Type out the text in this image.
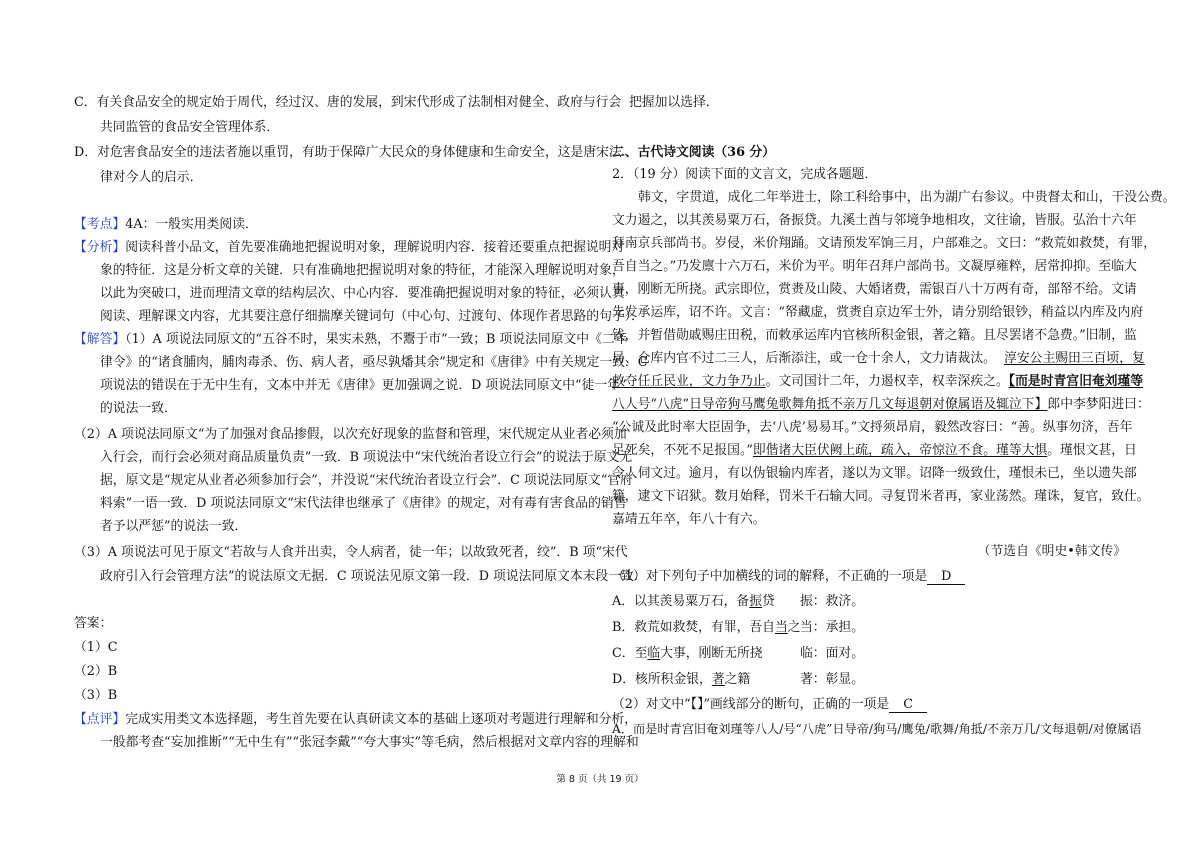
C．有关食品安全的规定始于周代，经过汉、唐的发展，到宋代形成了法制相对健全、政府与行会
共同监管的食品安全管理体系．
D．对危害食品安全的违法者施以重罚，有助于保障广大民众的身体健康和生命安全，这是唐宋法
律对今人的启示．
【考点】4A：一般实用类阅读．
【分析】阅读科普小品文，首先要准确地把握说明对象，理解说明内容．接着还要重点把握说明对
象的特征．这是分析文章的关键．只有准确地把握说明对象的特征，才能深入理解说明对象，
以此为突破口，进而理清文章的结构层次、中心内容．要准确把握说明对象的特征，必须认真
阅读、理解课文内容，尤其要注意仔细揣摩关键词句（中心句、过渡句、体现作者思路的句子）．
【解答】（1）A 项说法同原文的“五谷不时，果实未熟，不鬻于市”一致；B 项说法同原文中《二年
律令》的“诸食脯肉，脯肉毒杀、伤、病人者，亟尽孰燔其余”规定和《唐律》中有关规定一致．C
项说法的错误在于无中生有，文本中并无《唐律》更加强调之说．D 项说法同原文中“徒一年”
的说法一致．
（2）A 项说法同原文“为了加强对食品掺假，以次充好现象的监督和管理，宋代规定从业者必须加
入行会，而行会必须对商品质量负责”一致．B 项说法中“宋代统治者设立行会”的说法于原文无
据，原文是“规定从业者必须参加行会”，并没说“宋代统治者设立行会”．C 项说法同原文“官府
料索”一语一致．D 项说法同原文“宋代法律也继承了《唐律》的规定，对有毒有害食品的销售
者予以严惩”的说法一致．
（3）A 项说法可见于原文“若故与人食并出卖，令人病者，徒一年；以故致死者，绞”．B 项“宋代
政府引入行会管理方法”的说法原文无据．C 项说法见原文第一段．D 项说法同原文本末段一致．
答案：
（1）C
（2）B
（3）B
【点评】完成实用类文本选择题，考生首先要在认真研读文本的基础上逐项对考题进行理解和分析，
一般都考查“妄加推断”“无中生有”“张冠李戴”“夸大事实”等毛病，然后根据对文章内容的理解和
把握加以选择．
二、古代诗文阅读（36 分）
2．（19 分）阅读下面的文言文，完成各题题．
韩文，字贯道，成化二年举进士，除工科给事中，出为湖广右参议。中贵督太和山，干没公费。
文力遏之，以其羡易粟万石，备振贷。九溪土酋与邻境争地相攻，文往谕，皆服。弘治十六年
拜南京兵部尚书。岁侵，米价翔踊。文请预发军饷三月，户部难之。文曰：“救荒如救焚，有罪，
吾自当之。”乃发廪十六万石，米价为平。明年召拜户部尚书。文凝厚雍粹，居常抑抑。至临大
事，刚断无所挠。武宗即位，赏赉及山陵、大婚诸费，需银百八十万两有奇，部帑不给。文请
先发承运库，诏不许。文言：“帑藏虚，赏赉自京边军士外，请分别给银钞，稍益以内库及内府
钱，并暂借勋戚赐庄田税，而敕承运库内官核所积金银，著之籍。且尽罢诸不急费。”旧制，监
局、仓库内官不过二三人，后渐添注，或一仓十余人，文力请裁汰。 淳安公主赐田三百顷，复
敕夺任丘民业，文力争乃止。文司国计二年，力遏权幸，权幸深疾之。【而是时青宫旧奄刘瑾等
八人号“八虎”日导帝狗马鹰兔歌舞角抵不亲万几文每退朝对僚属语及辄泣下】郎中李梦阳进曰：
“公诚及此时率大臣固争，去‘八虎’易易耳。”文捋须昂肩，毅然改容曰：“善。纵事勿济，吾年
足死矣，不死不足报国。”即偕诸大臣伏阙上疏，疏入，帝惊泣不食。瑾等大惧。瑾恨文甚，日
令人伺文过。逾月，有以伪银输内库者，遂以为文罪。诏降一级致仕，瑾恨未已，坐以遗失部
籍，逮文下诏狱。数月始释，罚米千石输大同。寻复罚米者再，家业荡然。瑾诛，复官，致仕。
嘉靖五年卒，年八十有六。
（节选自《明史•韩文传》
（1）对下列句子中加横线的词的解释，不正确的一项是 D
A．以其羡易粟万石，备振贷 振：救济。
B．救荒如救焚，有罪，吾自当之 当：承担。
C．至临大事，刚断无所挠	临：面对。
D．核所积金银，著之籍	著：彰显。
（2）对文中“【】”画线部分的断句，正确的一项是 C
A．而是时青宫旧奄刘瑾等八人/号“八虎”日导帝/狗马/鹰兔/歌舞/角抵/不亲万几/文每退朝/对僚属语
第 8 页（共 19 页）
